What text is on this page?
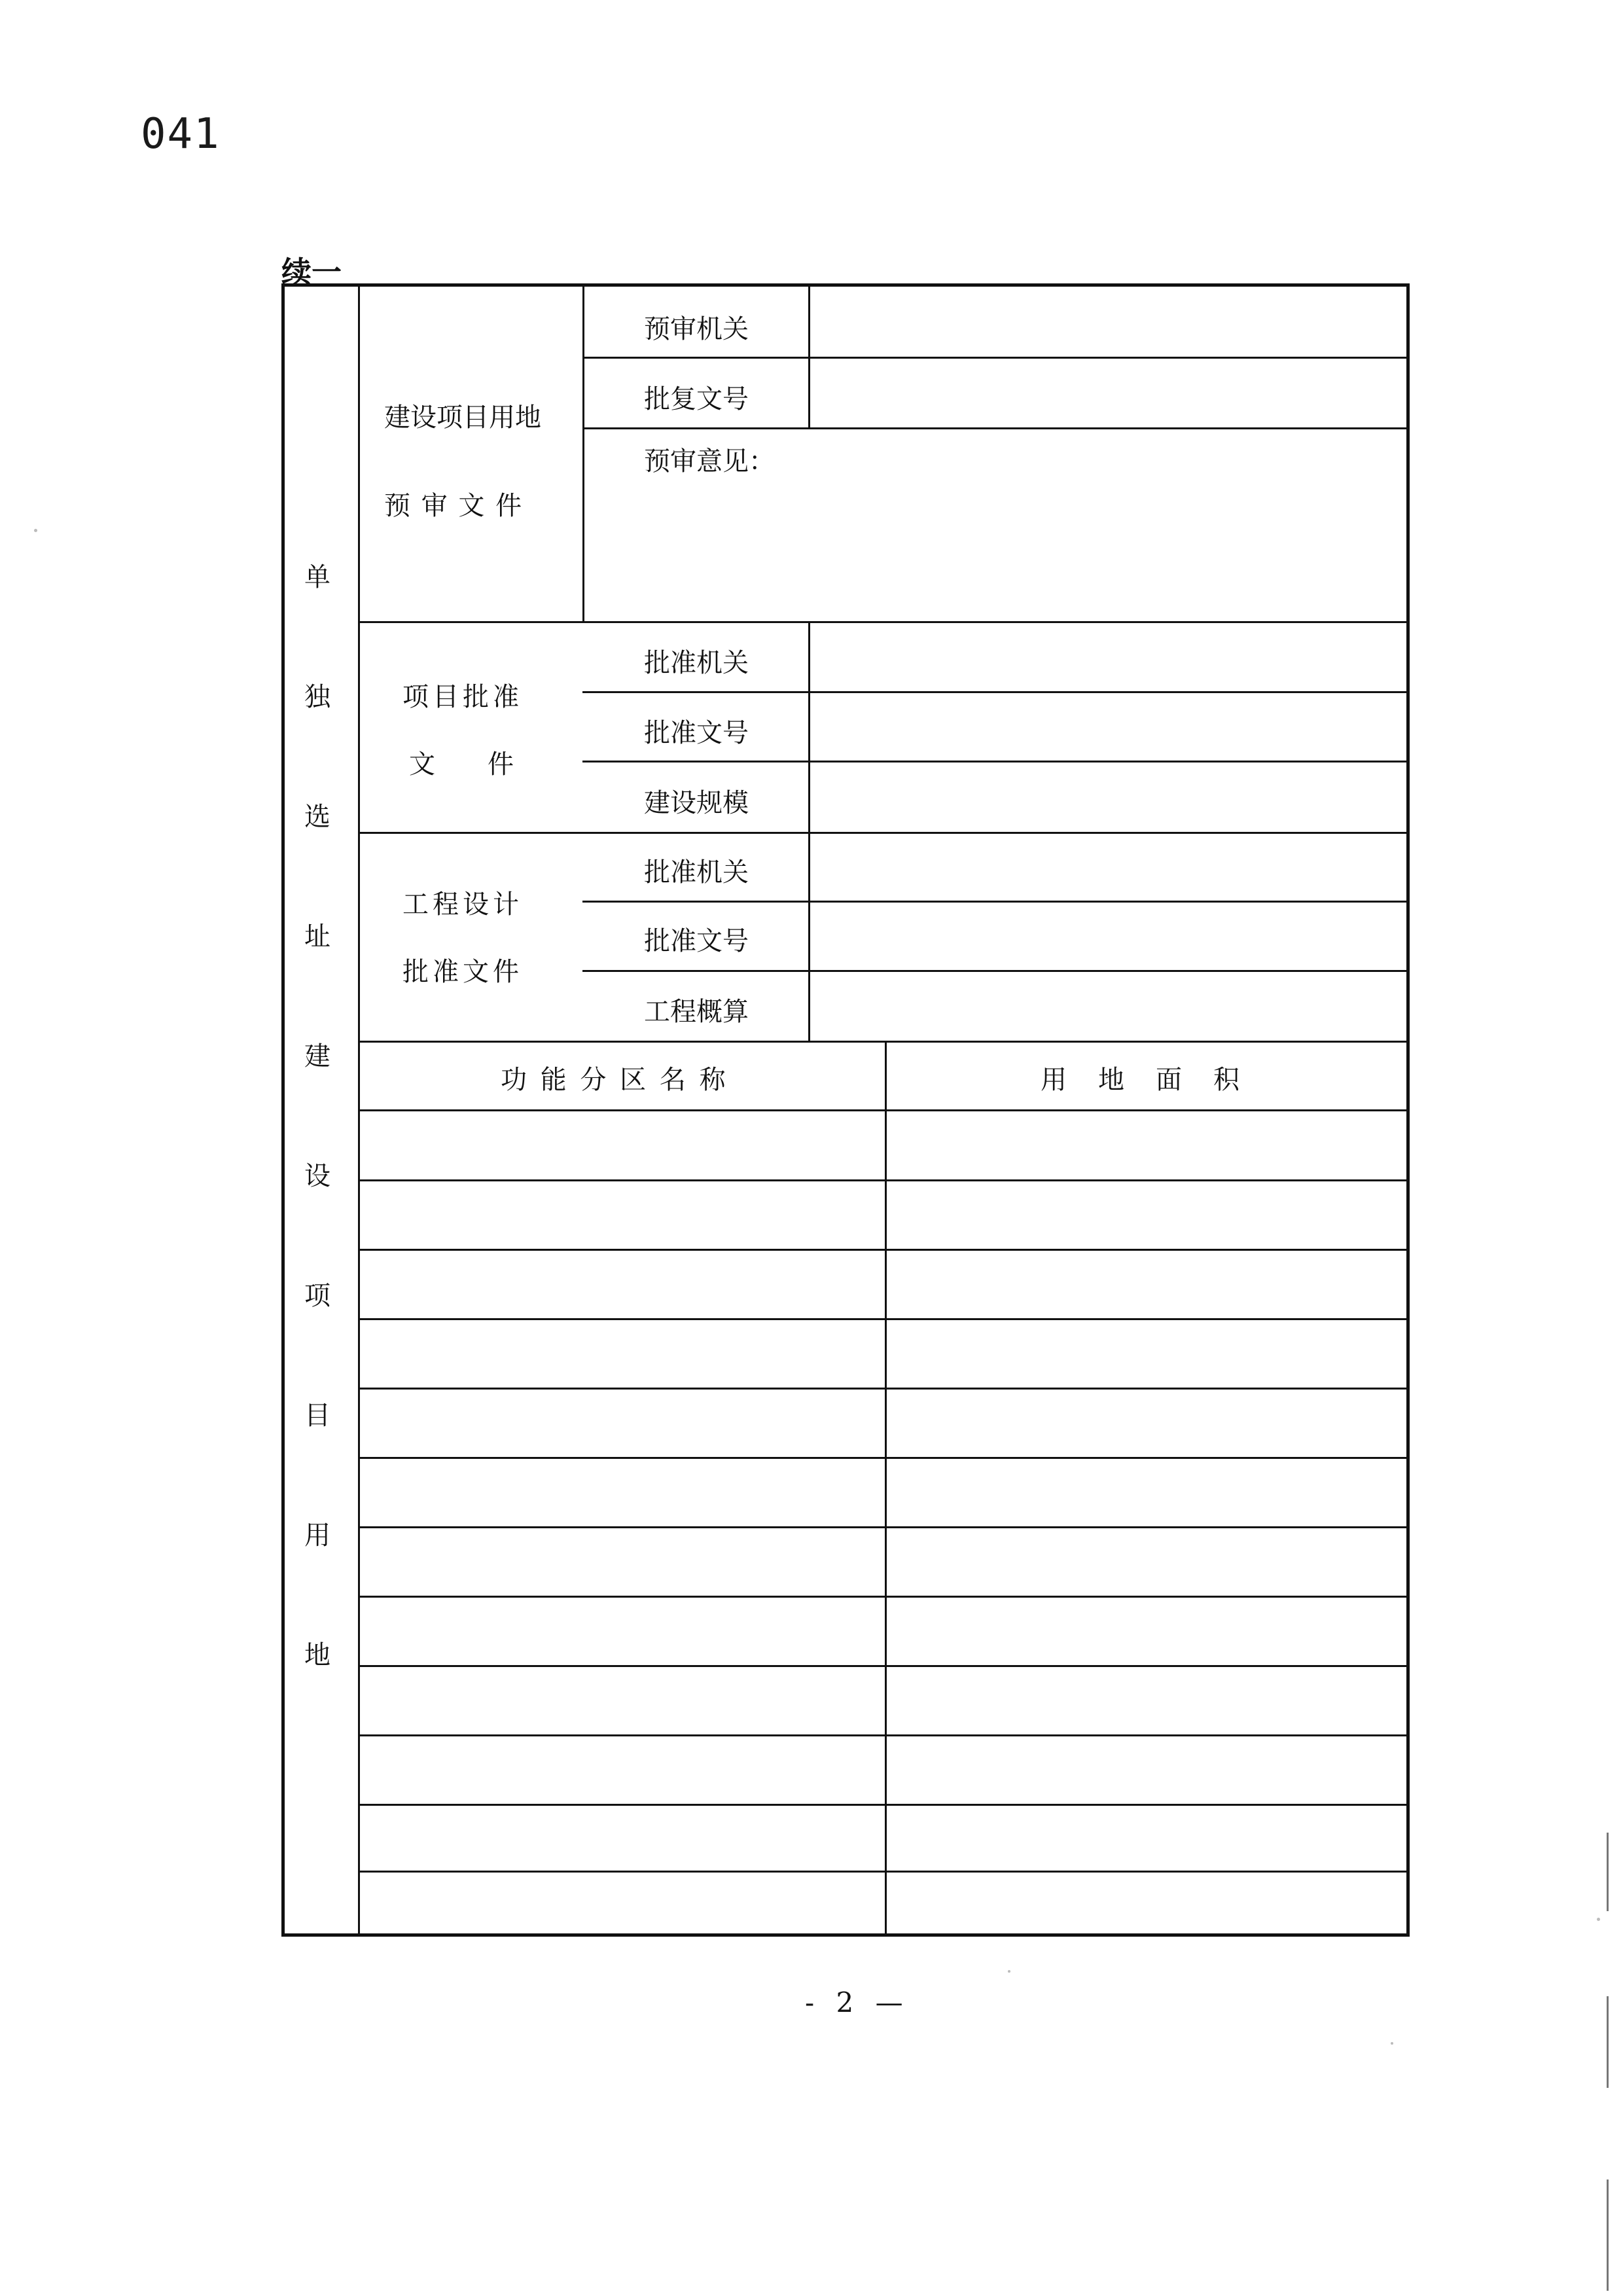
041
续一
单
独
选
址
建
设
项
目
用
地
建设项目用地
预 审 文 件
预审机关
批复文号
预审意见：
项目批准
文　　件
批准机关
批准文号
建设规模
工程设计
批准文件
批准机关
批准文号
工程概算
功 能 分 区 名 称	用　地　面　积
- 2 —
